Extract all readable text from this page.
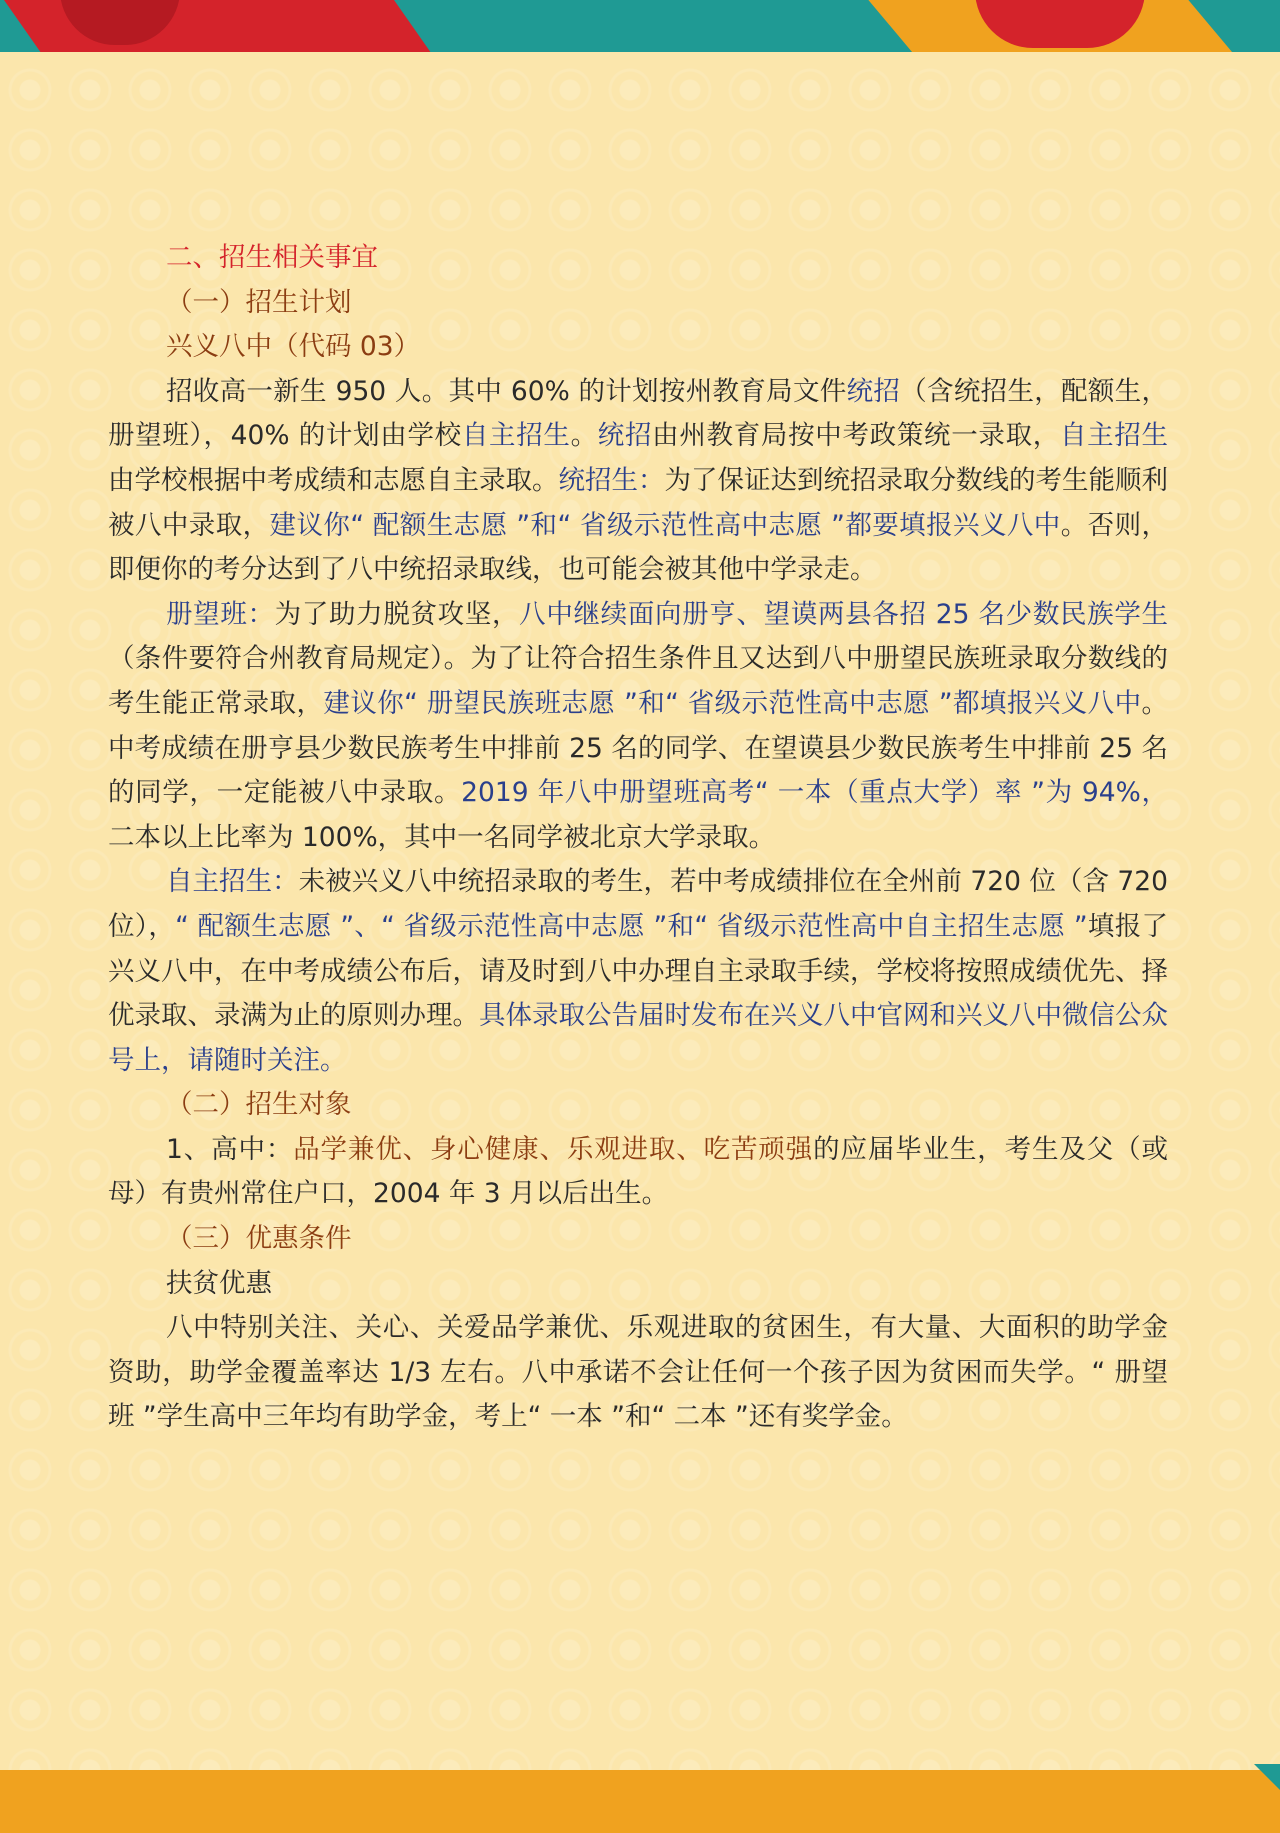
二、招生相关事宜

（一）招生计划

兴义八中（代码 03）

招收高一新生 950 人。其中 60% 的计划按州教育局文件统招（含统招生，配额生，册望班），40% 的计划由学校自主招生。统招由州教育局按中考政策统一录取，自主招生由学校根据中考成绩和志愿自主录取。统招生：为了保证达到统招录取分数线的考生能顺利被八中录取，建议你“ 配额生志愿 ”和“ 省级示范性高中志愿 ”都要填报兴义八中。否则，即便你的考分达到了八中统招录取线，也可能会被其他中学录走。

册望班：为了助力脱贫攻坚，八中继续面向册亨、望谟两县各招 25 名少数民族学生（条件要符合州教育局规定）。为了让符合招生条件且又达到八中册望民族班录取分数线的考生能正常录取，建议你“ 册望民族班志愿 ”和“ 省级示范性高中志愿 ”都填报兴义八中。中考成绩在册亨县少数民族考生中排前 25 名的同学、在望谟县少数民族考生中排前 25 名的同学，一定能被八中录取。2019 年八中册望班高考“ 一本（重点大学）率 ”为 94%，二本以上比率为 100%，其中一名同学被北京大学录取。

自主招生：未被兴义八中统招录取的考生，若中考成绩排位在全州前 720 位（含 720 位），“ 配额生志愿 ”、“ 省级示范性高中志愿 ”和“ 省级示范性高中自主招生志愿 ”填报了兴义八中，在中考成绩公布后，请及时到八中办理自主录取手续，学校将按照成绩优先、择优录取、录满为止的原则办理。具体录取公告届时发布在兴义八中官网和兴义八中微信公众号上，请随时关注。

（二）招生对象

1、高中：品学兼优、身心健康、乐观进取、吃苦顽强的应届毕业生，考生及父（或母）有贵州常住户口，2004 年 3 月以后出生。

（三）优惠条件

扶贫优惠

八中特别关注、关心、关爱品学兼优、乐观进取的贫困生，有大量、大面积的助学金资助，助学金覆盖率达 1/3 左右。八中承诺不会让任何一个孩子因为贫困而失学。“ 册望班 ”学生高中三年均有助学金，考上“ 一本 ”和“ 二本 ”还有奖学金。
